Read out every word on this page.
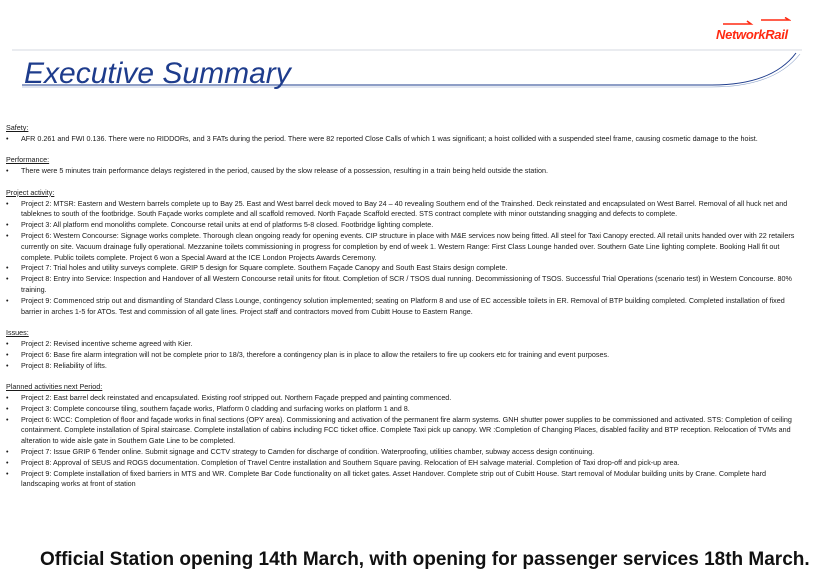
NetworkRail
Executive Summary
Safety:
• AFR 0.261 and FWI 0.136. There were no RIDDORs, and 3 FATs during the period. There were 82 reported Close Calls of which 1 was significant; a hoist collided with a suspended steel frame, causing cosmetic damage to the hoist.
Performance:
• There were 5 minutes train performance delays registered in the period, caused by the slow release of a possession, resulting in a train being held outside the station.
Project activity:
• Project 2: MTSR: Eastern and Western barrels complete up to Bay 25. East and West barrel deck moved to Bay 24 – 40 revealing Southern end of the Trainshed. Deck reinstated and encapsulated on West Barrel. Removal of all huck net and tableknes to south of the footbridge. South Façade works complete and all scaffold removed. North Façade Scaffold erected. STS contract complete with minor outstanding snagging and defects to complete.
• Project 3: All platform end monoliths complete. Concourse retail units at end of platforms 5-8 closed. Footbridge lighting complete.
• Project 6: Western Concourse: Signage works complete. Thorough clean ongoing ready for opening events. CIP structure in place with M&E services now being fitted. All steel for Taxi Canopy erected. All retail units handed over with 22 retailers currently on site. Vacuum drainage fully operational. Mezzanine toilets commissioning in progress for completion by end of week 1. Western Range: First Class Lounge handed over. Southern Gate Line lighting complete. Booking Hall fit out complete. Public toilets complete. Project 6 won a Special Award at the ICE London Projects Awards Ceremony.
• Project 7: Trial holes and utility surveys complete. GRIP 5 design for Square complete. Southern Façade Canopy and South East Stairs design complete.
• Project 8: Entry into Service: Inspection and Handover of all Western Concourse retail units for fitout. Completion of SCR / TSOS dual running. Decommissioning of TSOS. Successful Trial Operations (scenario test) in Western Concourse. 80% training.
• Project 9: Commenced strip out and dismantling of Standard Class Lounge, contingency solution implemented; seating on Platform 8 and use of EC accessible toilets in ER. Removal of BTP building completed. Completed installation of fixed barrier in arches 1-5 for ATOs. Test and commission of all gate lines. Project staff and contractors moved from Cubitt House to Eastern Range.
Issues:
• Project 2: Revised incentive scheme agreed with Kier.
• Project 6: Base fire alarm integration will not be complete prior to 18/3, therefore a contingency plan is in place to allow the retailers to fire up cookers etc for training and event purposes.
• Project 8: Reliability of lifts.
Planned activities next Period:
• Project 2: East barrel deck reinstated and encapsulated. Existing roof stripped out. Northern Façade prepped and painting commenced.
• Project 3: Complete concourse tiling, southern façade works, Platform 0 cladding and surfacing works on platform 1 and 8.
• Project 6: WCC: Completion of floor and façade works in final sections (OPY area). Commissioning and activation of the permanent fire alarm systems. GNH shutter power supplies to be commissioned and activated. STS: Completion of ceiling containment. Complete installation of Spiral staircase. Complete installation of cabins including FCC ticket office. Complete Taxi pick up canopy. WR :Completion of Changing Places, disabled facility and BTP reception. Relocation of TVMs and alteration to wide aisle gate in Southern Gate Line to be completed.
• Project 7: Issue GRIP 6 Tender online. Submit signage and CCTV strategy to Camden for discharge of condition. Waterproofing, utilities chamber, subway access design continuing.
• Project 8: Approval of SEUS and ROGS documentation. Completion of Travel Centre installation and Southern Square paving. Relocation of EH salvage material. Completion of Taxi drop-off and pick-up area.
• Project 9: Complete installation of fixed barriers in MTS and WR. Complete Bar Code functionality on all ticket gates. Asset Handover. Complete strip out of Cubitt House. Start removal of Modular building units by Crane. Complete hard landscaping works at front of station
Official Station opening 14th March, with opening for passenger services 18th March.
